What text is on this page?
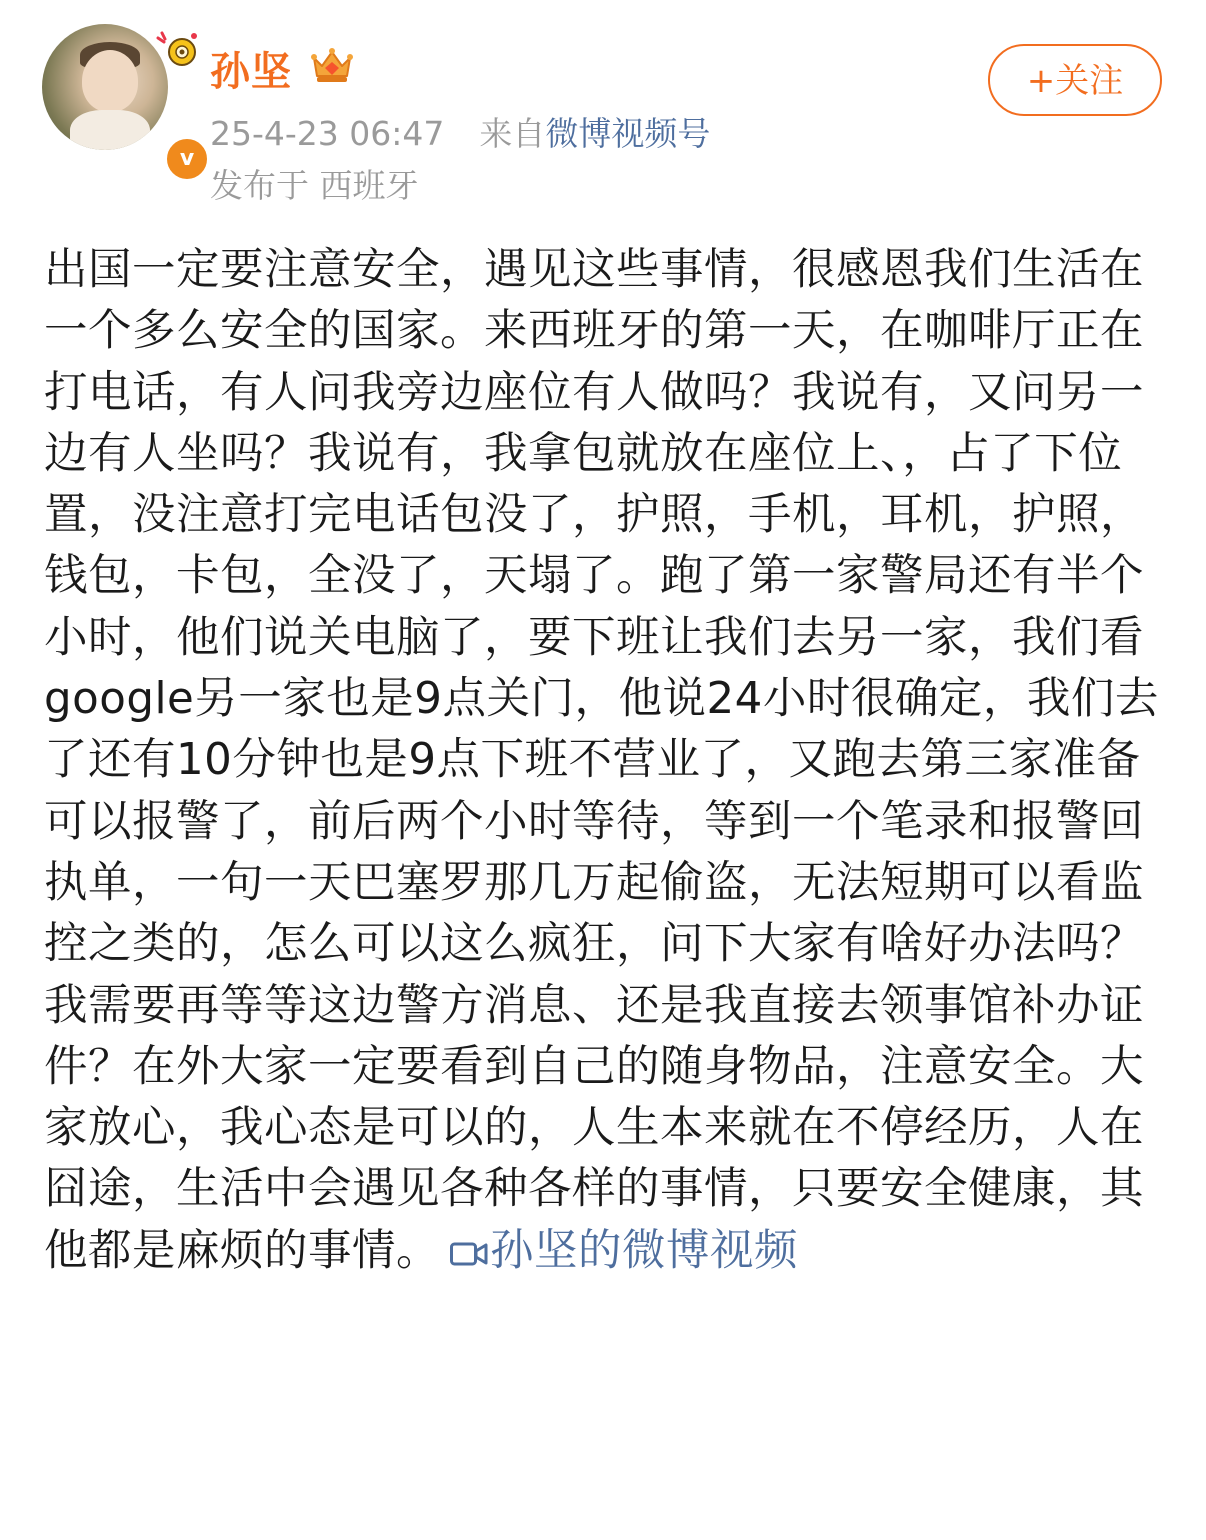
v
孙坚
25-4-23 06:47 来自微博视频号
发布于 西班牙
+关注
出国一定要注意安全，遇见这些事情，很感恩我们生活在一个多么安全的国家。来西班牙的第一天，在咖啡厅正在打电话，有人问我旁边座位有人做吗？我说有，又问另一边有人坐吗？我说有，我拿包就放在座位上、，占了下位置，没注意打完电话包没了，护照，手机，耳机，护照，钱包，卡包，全没了，天塌了。跑了第一家警局还有半个小时，他们说关电脑了，要下班让我们去另一家，我们看google另一家也是9点关门，他说24小时很确定，我们去了还有10分钟也是9点下班不营业了，又跑去第三家准备可以报警了，前后两个小时等待，等到一个笔录和报警回执单，一句一天巴塞罗那几万起偷盗，无法短期可以看监控之类的，怎么可以这么疯狂，问下大家有啥好办法吗？我需要再等等这边警方消息、还是我直接去领事馆补办证件？在外大家一定要看到自己的随身物品，注意安全。大家放心，我心态是可以的，人生本来就在不停经历，人在囧途，生活中会遇见各种各样的事情，只要安全健康，其他都是麻烦的事情。 孙坚的微博视频
